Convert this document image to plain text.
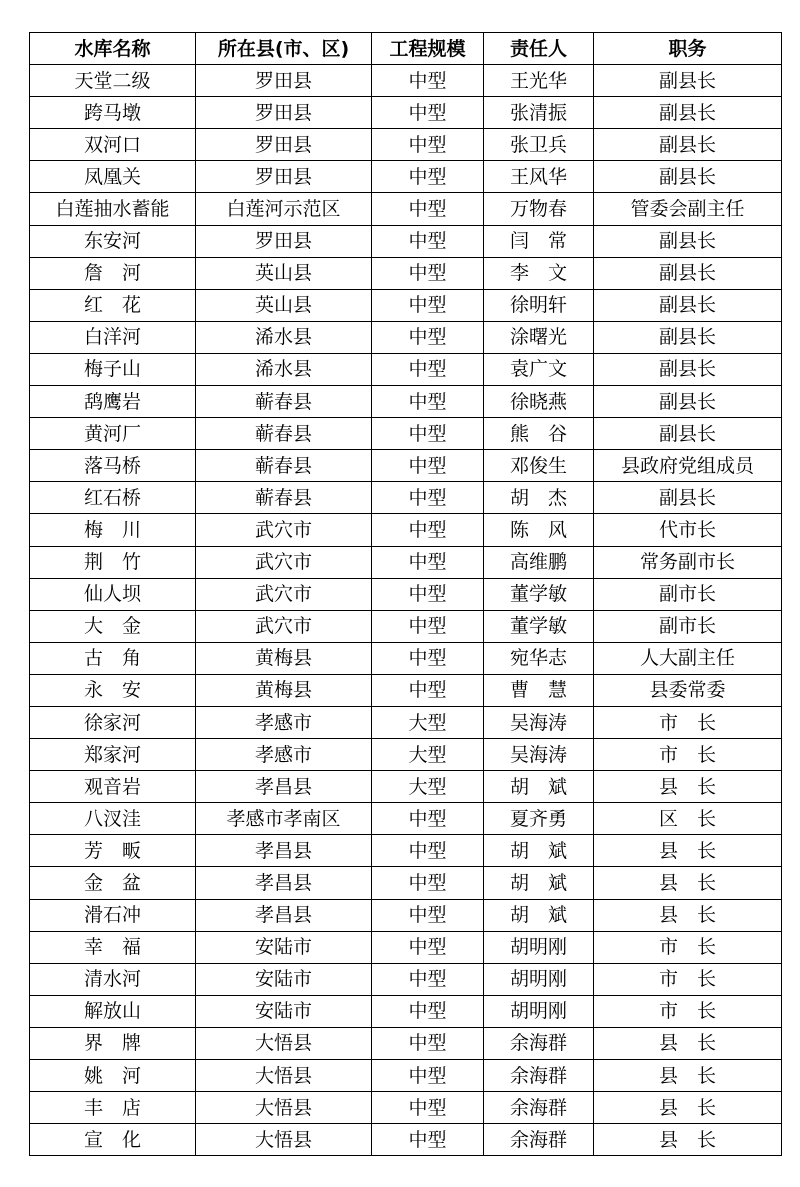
水库名称	所在县(市、区)	工程规模	责任人	职务
天堂二级	罗田县	中型	王光华	副县长
跨马墩	罗田县	中型	张清振	副县长
双河口	罗田县	中型	张卫兵	副县长
凤凰关	罗田县	中型	王风华	副县长
白莲抽水蓄能	白莲河示范区	中型	万物春	管委会副主任
东安河	罗田县	中型	闫　常	副县长
詹　河	英山县	中型	李　文	副县长
红　花	英山县	中型	徐明轩	副县长
白洋河	浠水县	中型	涂曙光	副县长
梅子山	浠水县	中型	袁广文	副县长
鸹鹰岩	蕲春县	中型	徐晓燕	副县长
黄河厂	蕲春县	中型	熊　谷	副县长
落马桥	蕲春县	中型	邓俊生	县政府党组成员
红石桥	蕲春县	中型	胡　杰	副县长
梅　川	武穴市	中型	陈　风	代市长
荆　竹	武穴市	中型	高维鹏	常务副市长
仙人坝	武穴市	中型	董学敏	副市长
大　金	武穴市	中型	董学敏	副市长
古　角	黄梅县	中型	宛华志	人大副主任
永　安	黄梅县	中型	曹　慧	县委常委
徐家河	孝感市	大型	吴海涛	市　长
郑家河	孝感市	大型	吴海涛	市　长
观音岩	孝昌县	大型	胡　斌	县　长
八汊洼	孝感市孝南区	中型	夏齐勇	区　长
芳　畈	孝昌县	中型	胡　斌	县　长
金　盆	孝昌县	中型	胡　斌	县　长
滑石冲	孝昌县	中型	胡　斌	县　长
幸　福	安陆市	中型	胡明刚	市　长
清水河	安陆市	中型	胡明刚	市　长
解放山	安陆市	中型	胡明刚	市　长
界　牌	大悟县	中型	余海群	县　长
姚　河	大悟县	中型	余海群	县　长
丰　店	大悟县	中型	余海群	县　长
宣　化	大悟县	中型	余海群	县　长
